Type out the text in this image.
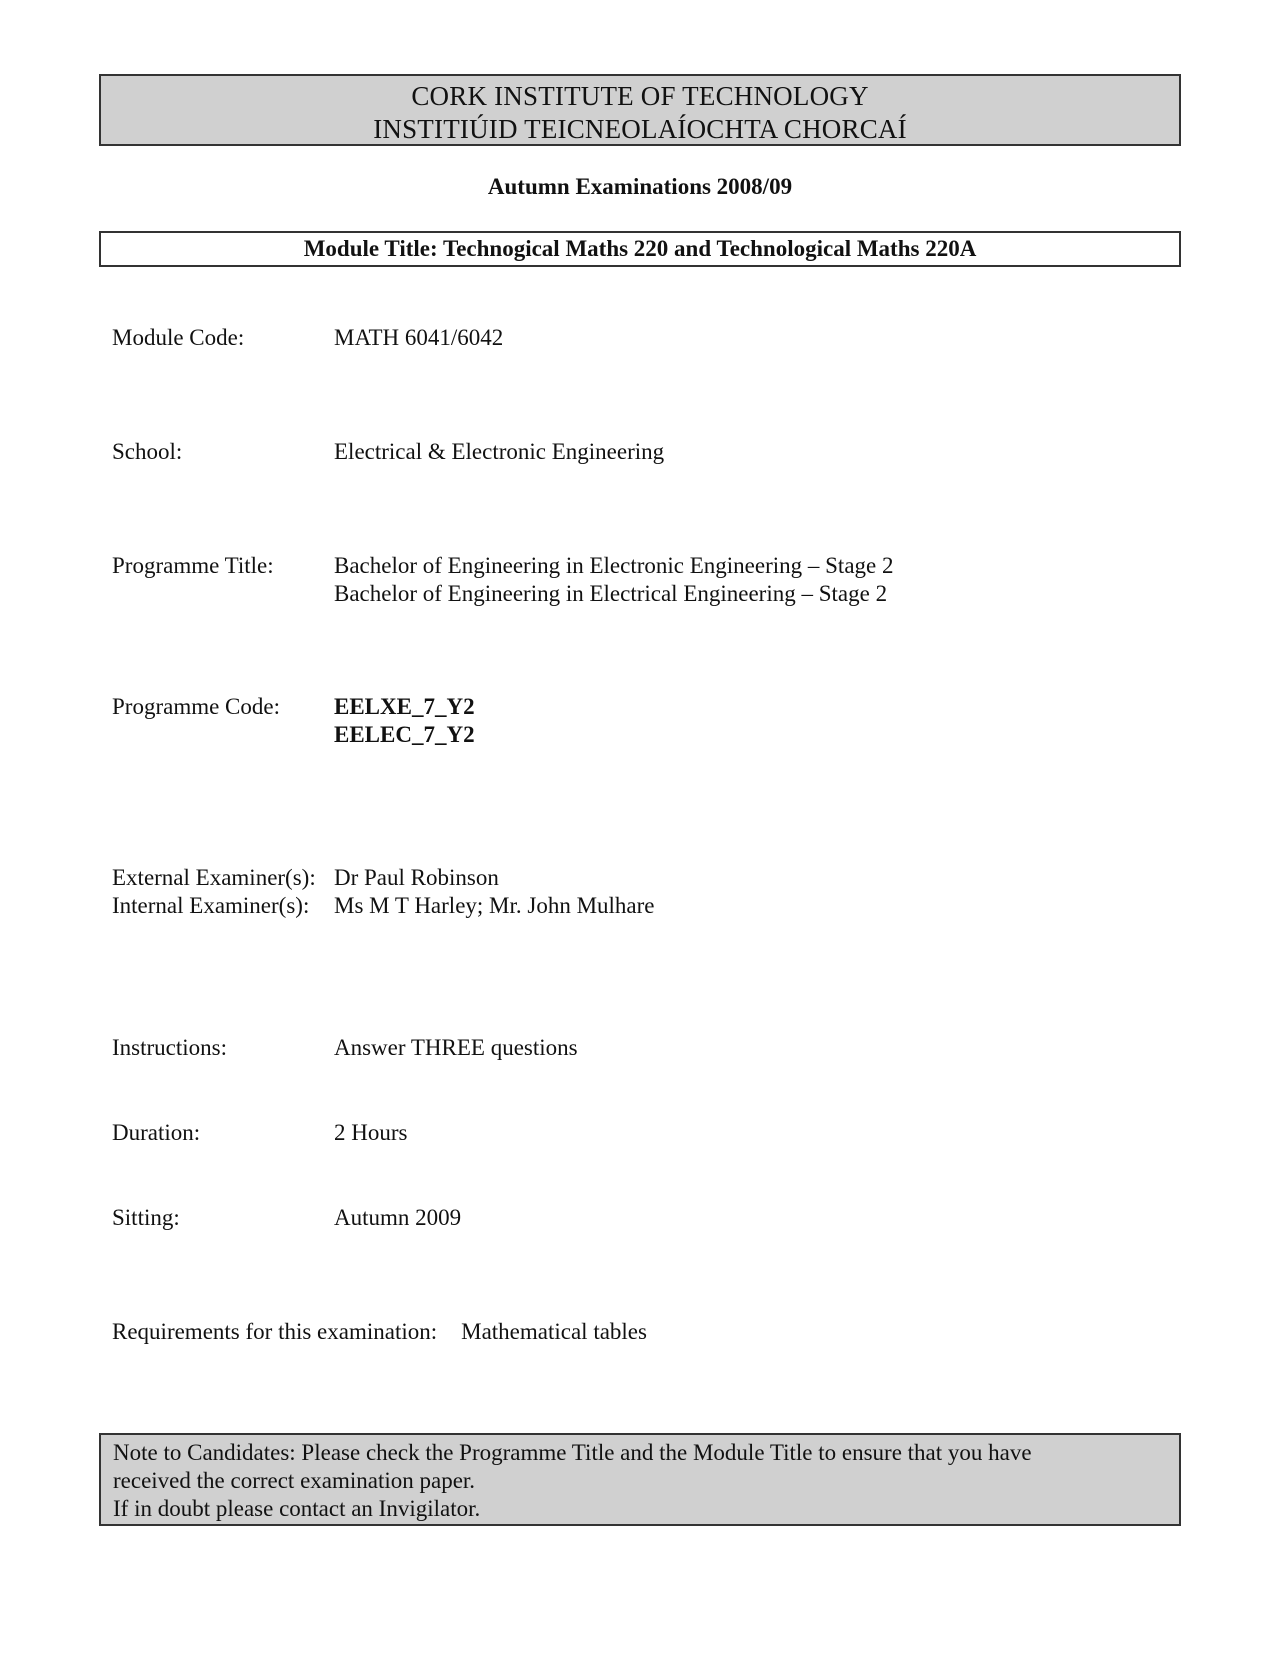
CORK INSTITUTE OF TECHNOLOGY
INSTITIÚID TEICNEOLAÍOCHTA CHORCAÍ
Autumn Examinations 2008/09
Module Title: Technogical Maths 220 and Technological Maths 220A
Module Code:	MATH 6041/6042
School:	Electrical & Electronic Engineering
Programme Title:	Bachelor of Engineering in Electronic Engineering – Stage 2
Bachelor of Engineering in Electrical Engineering – Stage 2
Programme Code: EELXE_7_Y2
EELEC_7_Y2
External Examiner(s): Dr Paul Robinson
Internal Examiner(s): Ms M T Harley; Mr. John Mulhare
Instructions:	Answer THREE questions
Duration:	2 Hours
Sitting:	Autumn 2009
Requirements for this examination: Mathematical tables
Note to Candidates: Please check the Programme Title and the Module Title to ensure that you have
received the correct examination paper.
If in doubt please contact an Invigilator.
